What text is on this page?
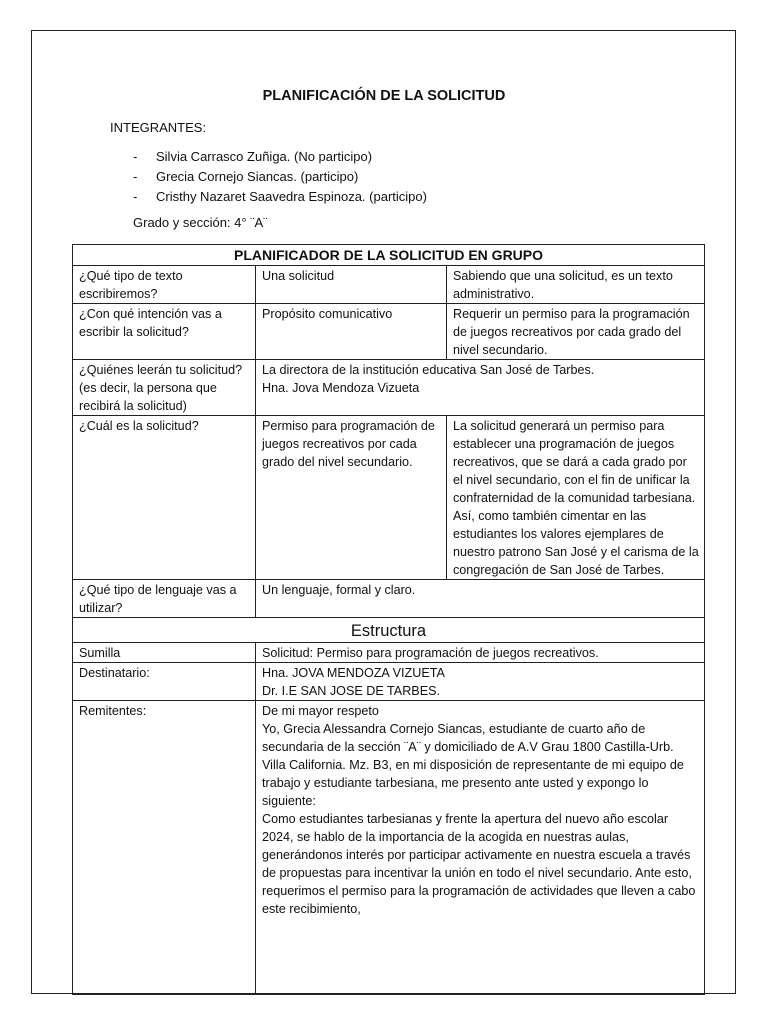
PLANIFICACIÓN DE LA SOLICITUD
INTEGRANTES:
- Silvia Carrasco Zuñiga. (No participo)
- Grecia Cornejo Siancas. (participo)
- Cristhy Nazaret Saavedra Espinoza. (participo)
Grado y sección: 4° ¨A¨
PLANIFICADOR DE LA SOLICITUD EN GRUPO		
¿Qué tipo de texto escribiremos?	Una solicitud	Sabiendo que una solicitud, es un texto administrativo.
¿Con qué intención vas a escribir la solicitud?	Propósito comunicativo	Requerir un permiso para la programación de juegos recreativos por cada grado del nivel secundario.
¿Quiénes leerán tu solicitud? (es decir, la persona que recibirá la solicitud)	La directora de la institución educativa San José de Tarbes.
Hna. Jova Mendoza Vizueta	

¿Cuál es la solicitud?	Permiso para programación de juegos recreativos por cada grado del nivel secundario.	La solicitud generará un permiso para establecer una programación de juegos recreativos, que se dará a cada grado por el nivel secundario, con el fin de unificar la confraternidad de la comunidad tarbesiana. Así, como también cimentar en las estudiantes los valores ejemplares de nuestro patrono San José y el carisma de la congregación de San José de Tarbes.
¿Qué tipo de lenguaje vas a utilizar?	Un lenguaje, formal y claro.	
Estructura		
Sumilla	Solicitud: Permiso para programación de juegos recreativos.	
Destinatario:	Hna. JOVA MENDOZA VIZUETA
Dr. I.E SAN JOSE DE TARBES.	

Remitentes:	De mi mayor respeto
Yo, Grecia Alessandra Cornejo Siancas, estudiante de cuarto año de secundaria de la sección ¨A¨ y domiciliado de A.V Grau 1800 Castilla-Urb. Villa California. Mz. B3, en mi disposición de representante de mi equipo de trabajo y estudiante tarbesiana, me presento ante usted y expongo lo siguiente:
Como estudiantes tarbesianas y frente la apertura del nuevo año escolar 2024, se hablo de la importancia de la acogida en nuestras aulas, generándonos interés por participar activamente en nuestra escuela a través de propuestas para incentivar la unión en todo el nivel secundario. Ante esto, requerimos el permiso para la programación de actividades que lleven a cabo este recibimiento,	
